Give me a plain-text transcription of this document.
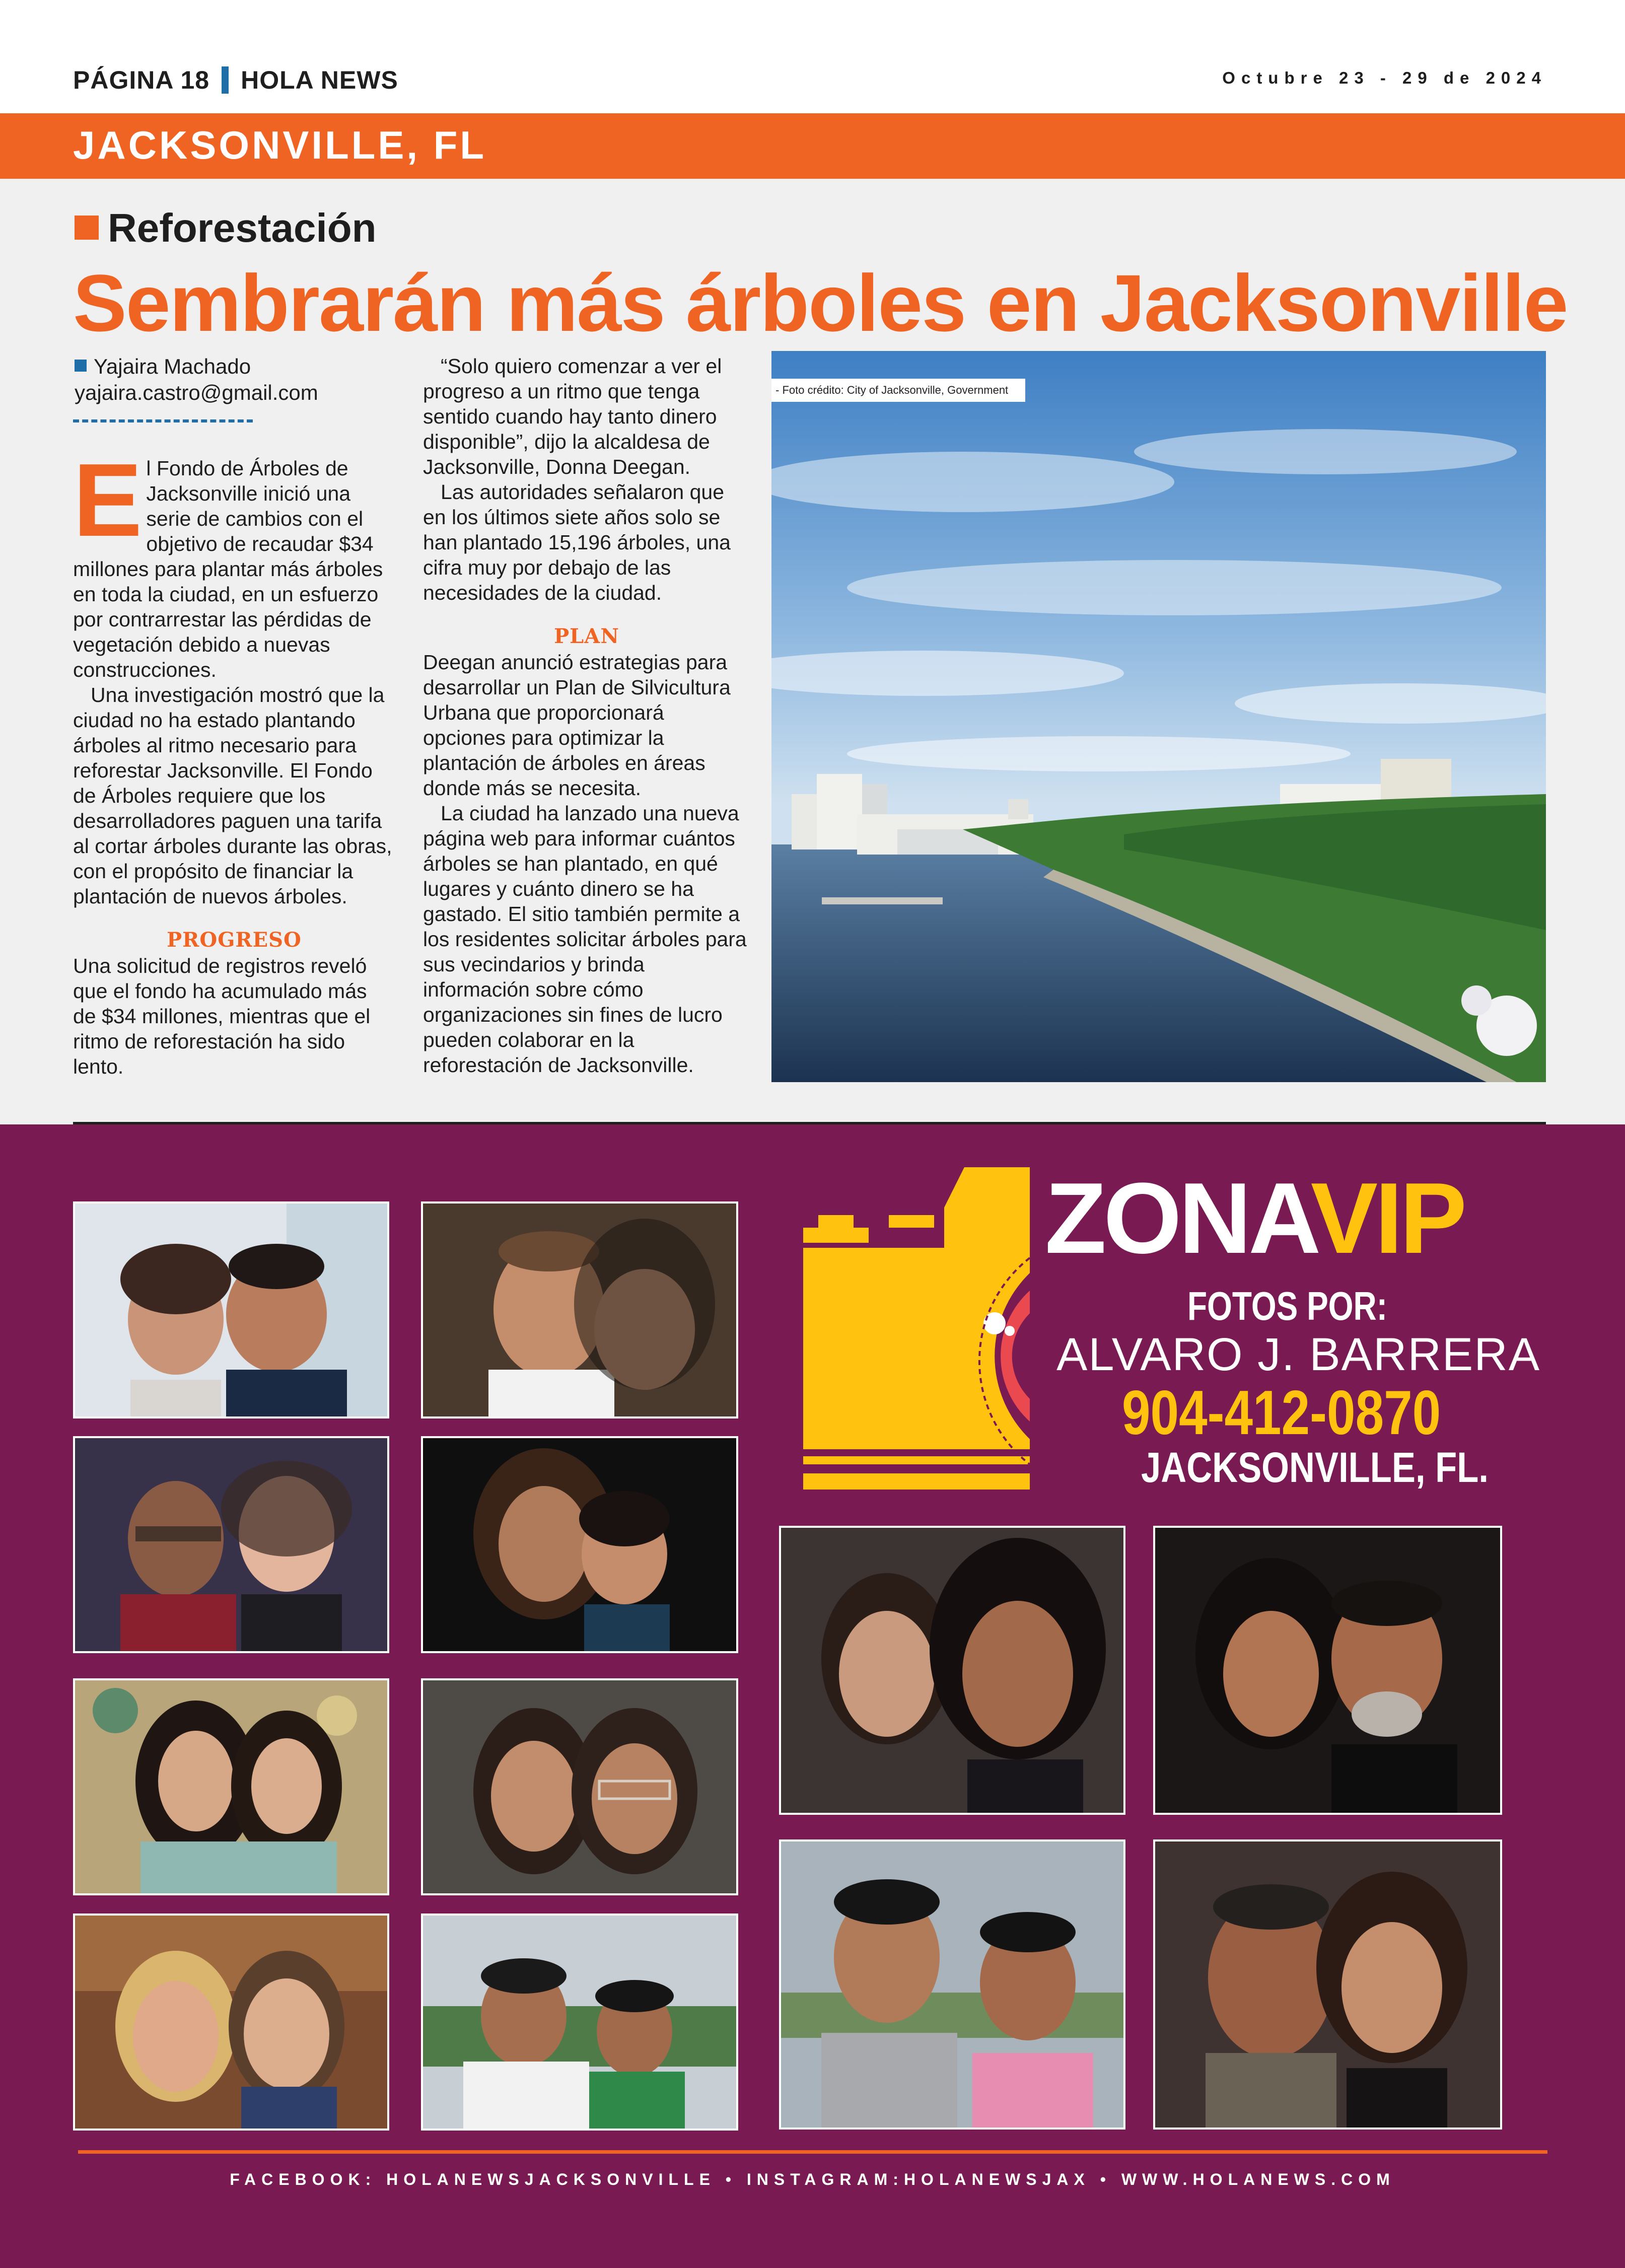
PÁGINA 18 HOLA NEWS	Octubre 23 - 29 de 2024
JACKSONVILLE, FL
Reforestación
Sembrarán más árboles en Jacksonville
Yajaira Machado
yajaira.castro@gmail.com

El Fondo de Árboles de Jacksonville inició una serie de cambios con el objetivo de recaudar $34 millones para plantar más árboles en toda la ciudad, en un esfuerzo por contrarrestar las pérdidas de vegetación debido a nuevas construcciones.

Una investigación mostró que la ciudad no ha estado plantando árboles al ritmo necesario para reforestar Jacksonville. El Fondo de Árboles requiere que los desarrolladores paguen una tarifa al cortar árboles durante las obras, con el propósito de financiar la plantación de nuevos árboles.

PROGRESO

Una solicitud de registros reveló que el fondo ha acumulado más de $34 millones, mientras que el ritmo de reforestación ha sido lento.

“Solo quiero comenzar a ver el progreso a un ritmo que tenga sentido cuando hay tanto dinero disponible”, dijo la alcaldesa de Jacksonville, Donna Deegan.

Las autoridades señalaron que en los últimos siete años solo se han plantado 15,196 árboles, una cifra muy por debajo de las necesidades de la ciudad.

PLAN

Deegan anunció estrategias para desarrollar un Plan de Silvicultura Urbana que proporcionará opciones para optimizar la plantación de árboles en áreas donde más se necesita.

La ciudad ha lanzado una nueva página web para informar cuántos árboles se han plantado, en qué lugares y cuánto dinero se ha gastado. El sitio también permite a los residentes solicitar árboles para sus vecindarios y brinda información sobre cómo organizaciones sin fines de lucro pueden colaborar en la reforestación de Jacksonville.

- Foto crédito: City of Jacksonville, Government
ZONAVIP
FOTOS POR:
ALVARO J. BARRERA
904-412-0870
JACKSONVILLE, FL.
FACEBOOK: HOLANEWSJACKSONVILLE • INSTAGRAM:HOLANEWSJAX • WWW.HOLANEWS.COM
